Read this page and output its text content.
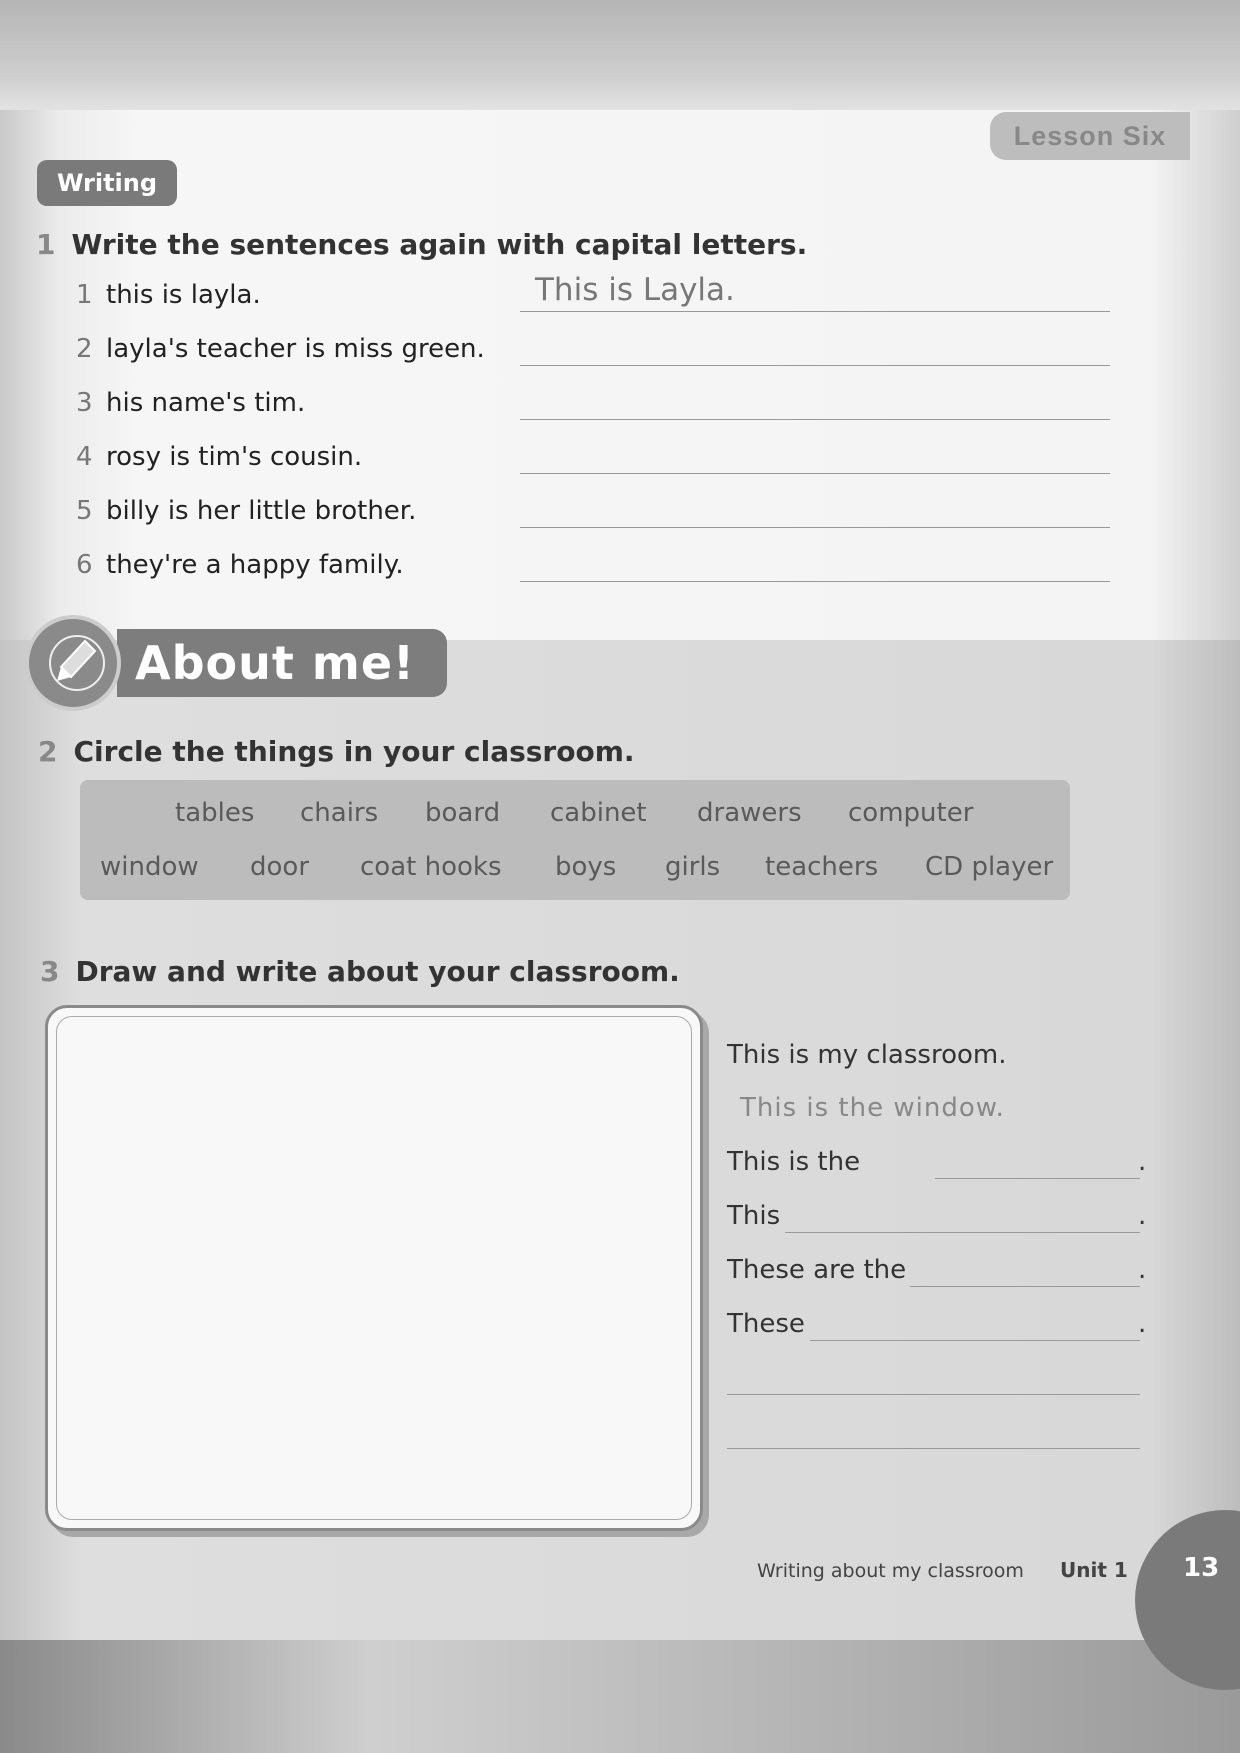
Lesson Six
Writing
1 Write the sentences again with capital letters.
1 this is layla.
2 layla's teacher is miss green.
3 his name's tim.
4 rosy is tim's cousin.
5 billy is her little brother.
6 they're a happy family.
This is Layla.
About me!
2 Circle the things in your classroom.
tables chairs board cabinet drawers computer
window door coat hooks boys girls teachers CD player
3 Draw and write about your classroom.
This is my classroom.
This is the window.
This is the	.
This	.
These are the	.
These	.
Writing about my classroom Unit 1 13
